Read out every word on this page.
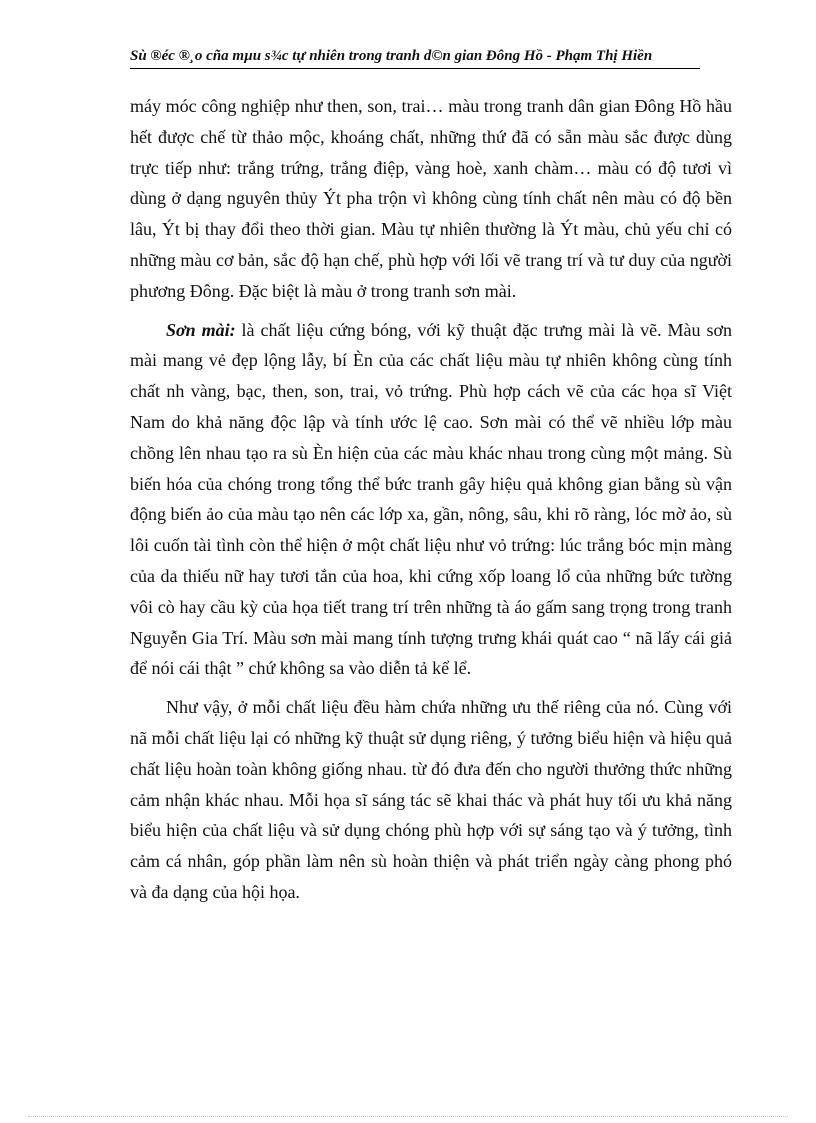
Sù ®éc ®¸o cña mµu s¾c tự nhiên trong tranh d©n gian Đông Hồ - Phạm Thị Hiền

máy móc công nghiệp như then, son, trai… màu trong tranh dân gian Đông Hồ hầu hết được chế từ thảo mộc, khoáng chất, những thứ đã có sẵn màu sắc được dùng trực tiếp như: trắng trứng, trắng điệp, vàng hoè, xanh chàm… màu có độ tươi vì dùng ở dạng nguyên thủy Ýt pha trộn vì không cùng tính chất nên màu có độ bền lâu, Ýt bị thay đổi theo thời gian. Màu tự nhiên thường là Ýt màu, chủ yếu chỉ có những màu cơ bản, sắc độ hạn chế, phù hợp với lối vẽ trang trí và tư duy của người phương Đông. Đặc biệt là màu ở trong tranh sơn mài.

Sơn mài: là chất liệu cứng bóng, với kỹ thuật đặc trưng mài là vẽ. Màu sơn mài mang vẻ đẹp lộng lẫy, bí Èn của các chất liệu màu tự nhiên không cùng tính chất nh vàng, bạc, then, son, trai, vỏ trứng. Phù hợp cách vẽ của các họa sĩ Việt Nam do khả năng độc lập và tính ước lệ cao. Sơn mài có thể vẽ nhiều lớp màu chồng lên nhau tạo ra sù Èn hiện của các màu khác nhau trong cùng một mảng. Sù biến hóa của chóng trong tổng thể bức tranh gây hiệu quả không gian bằng sù vận động biến ảo của màu tạo nên các lớp xa, gần, nông, sâu, khi rõ ràng, lóc mờ ảo, sù lôi cuốn tài tình còn thể hiện ở một chất liệu như vỏ trứng: lúc trắng bóc mịn màng của da thiếu nữ hay tươi tắn của hoa, khi cứng xốp loang lổ của những bức tường vôi cò hay cầu kỳ của họa tiết trang trí trên những tà áo gấm sang trọng trong tranh Nguyễn Gia Trí. Màu sơn mài mang tính tượng trưng khái quát cao “ nã lấy cái giả để nói cái thật ” chứ không sa vào diễn tả kể lể.

Như vậy, ở mỗi chất liệu đều hàm chứa những ưu thế riêng của nó. Cùng với nã mỗi chất liệu lại có những kỹ thuật sử dụng riêng, ý tưởng biểu hiện và hiệu quả chất liệu hoàn toàn không giống nhau. từ đó đưa đến cho người thưởng thức những cảm nhận khác nhau. Mỗi họa sĩ sáng tác sẽ khai thác và phát huy tối ưu khả năng biểu hiện của chất liệu và sử dụng chóng phù hợp với sự sáng tạo và ý tưởng, tình cảm cá nhân, góp phần làm nên sù hoàn thiện và phát triển ngày càng phong phó và đa dạng của hội họa.
